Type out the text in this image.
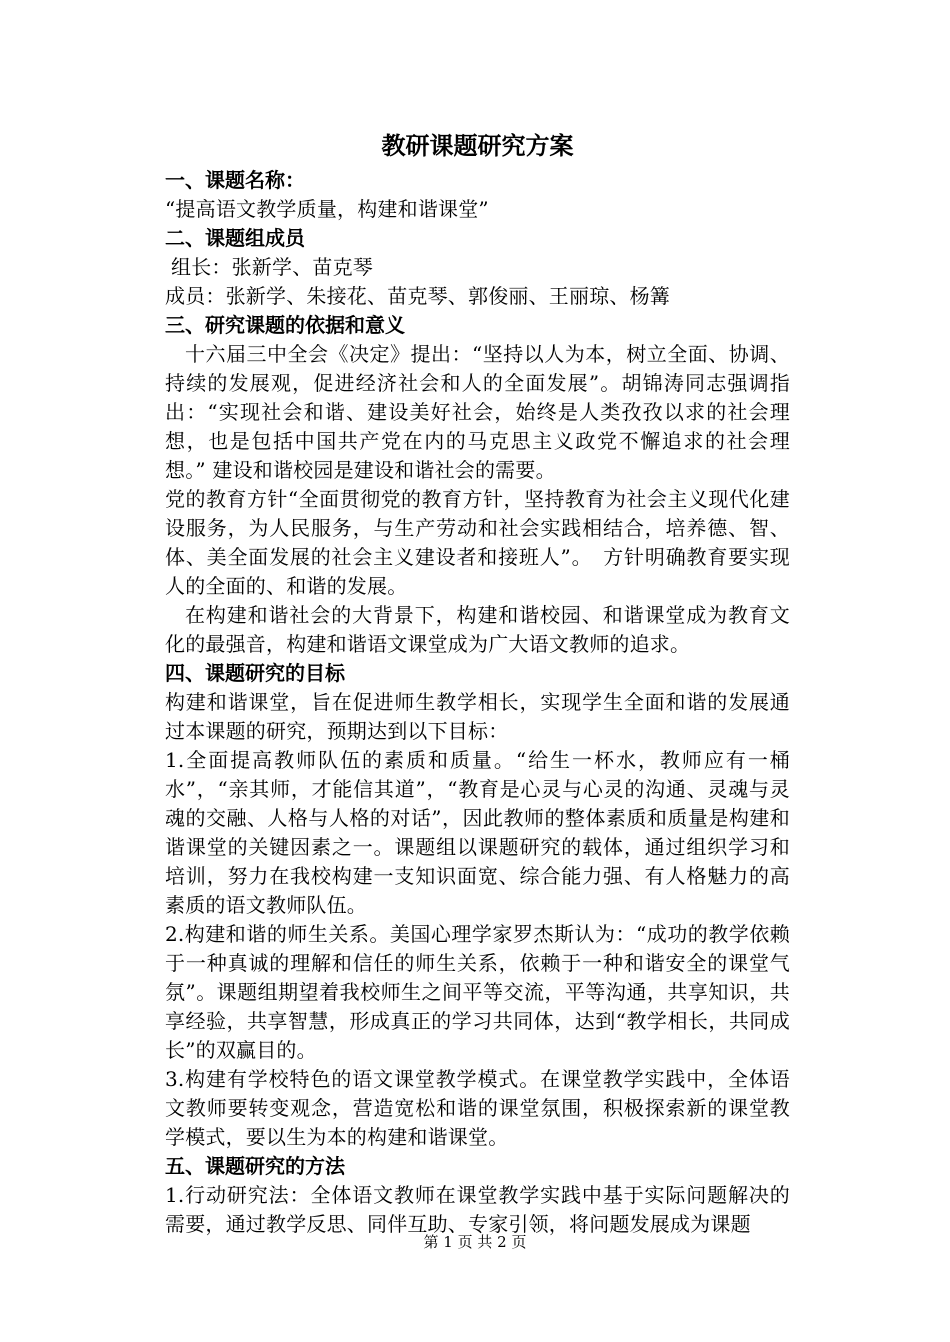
教研课题研究方案
一、课题名称：
“提高语文教学质量，构建和谐课堂”
二、课题组成员
组长：张新学、苗克琴
成员：张新学、朱接花、苗克琴、郭俊丽、王丽琼、杨篝
三、研究课题的依据和意义
十六届三中全会《决定》提出：“坚持以人为本，树立全面、协调、持续的发展观，促进经济社会和人的全面发展”。胡锦涛同志强调指出：“实现社会和谐、建设美好社会，始终是人类孜孜以求的社会理想，也是包括中国共产党在内的马克思主义政党不懈追求的社会理想。” 建设和谐校园是建设和谐社会的需要。
党的教育方针“全面贯彻党的教育方针，坚持教育为社会主义现代化建设服务，为人民服务，与生产劳动和社会实践相结合，培养德、智、体、美全面发展的社会主义建设者和接班人”。　方针明确教育要实现人的全面的、和谐的发展。
在构建和谐社会的大背景下，构建和谐校园、和谐课堂成为教育文化的最强音，构建和谐语文课堂成为广大语文教师的追求。
四、课题研究的目标
构建和谐课堂，旨在促进师生教学相长，实现学生全面和谐的发展通过本课题的研究，预期达到以下目标：
1.全面提高教师队伍的素质和质量。“给生一杯水，教师应有一桶水”，“亲其师，才能信其道”，“教育是心灵与心灵的沟通、灵魂与灵魂的交融、人格与人格的对话”，因此教师的整体素质和质量是构建和谐课堂的关键因素之一。课题组以课题研究的载体，通过组织学习和培训，努力在我校构建一支知识面宽、综合能力强、有人格魅力的高素质的语文教师队伍。
2.构建和谐的师生关系。美国心理学家罗杰斯认为：“成功的教学依赖于一种真诚的理解和信任的师生关系，依赖于一种和谐安全的课堂气氛”。课题组期望着我校师生之间平等交流，平等沟通，共享知识，共享经验，共享智慧，形成真正的学习共同体，达到“教学相长，共同成长”的双赢目的。
3.构建有学校特色的语文课堂教学模式。在课堂教学实践中，全体语文教师要转变观念，营造宽松和谐的课堂氛围，积极探索新的课堂教学模式，要以生为本的构建和谐课堂。
五、课题研究的方法
1.行动研究法：全体语文教师在课堂教学实践中基于实际问题解决的需要，通过教学反思、同伴互助、专家引领，将问题发展成为课题
第 1 页 共 2 页
